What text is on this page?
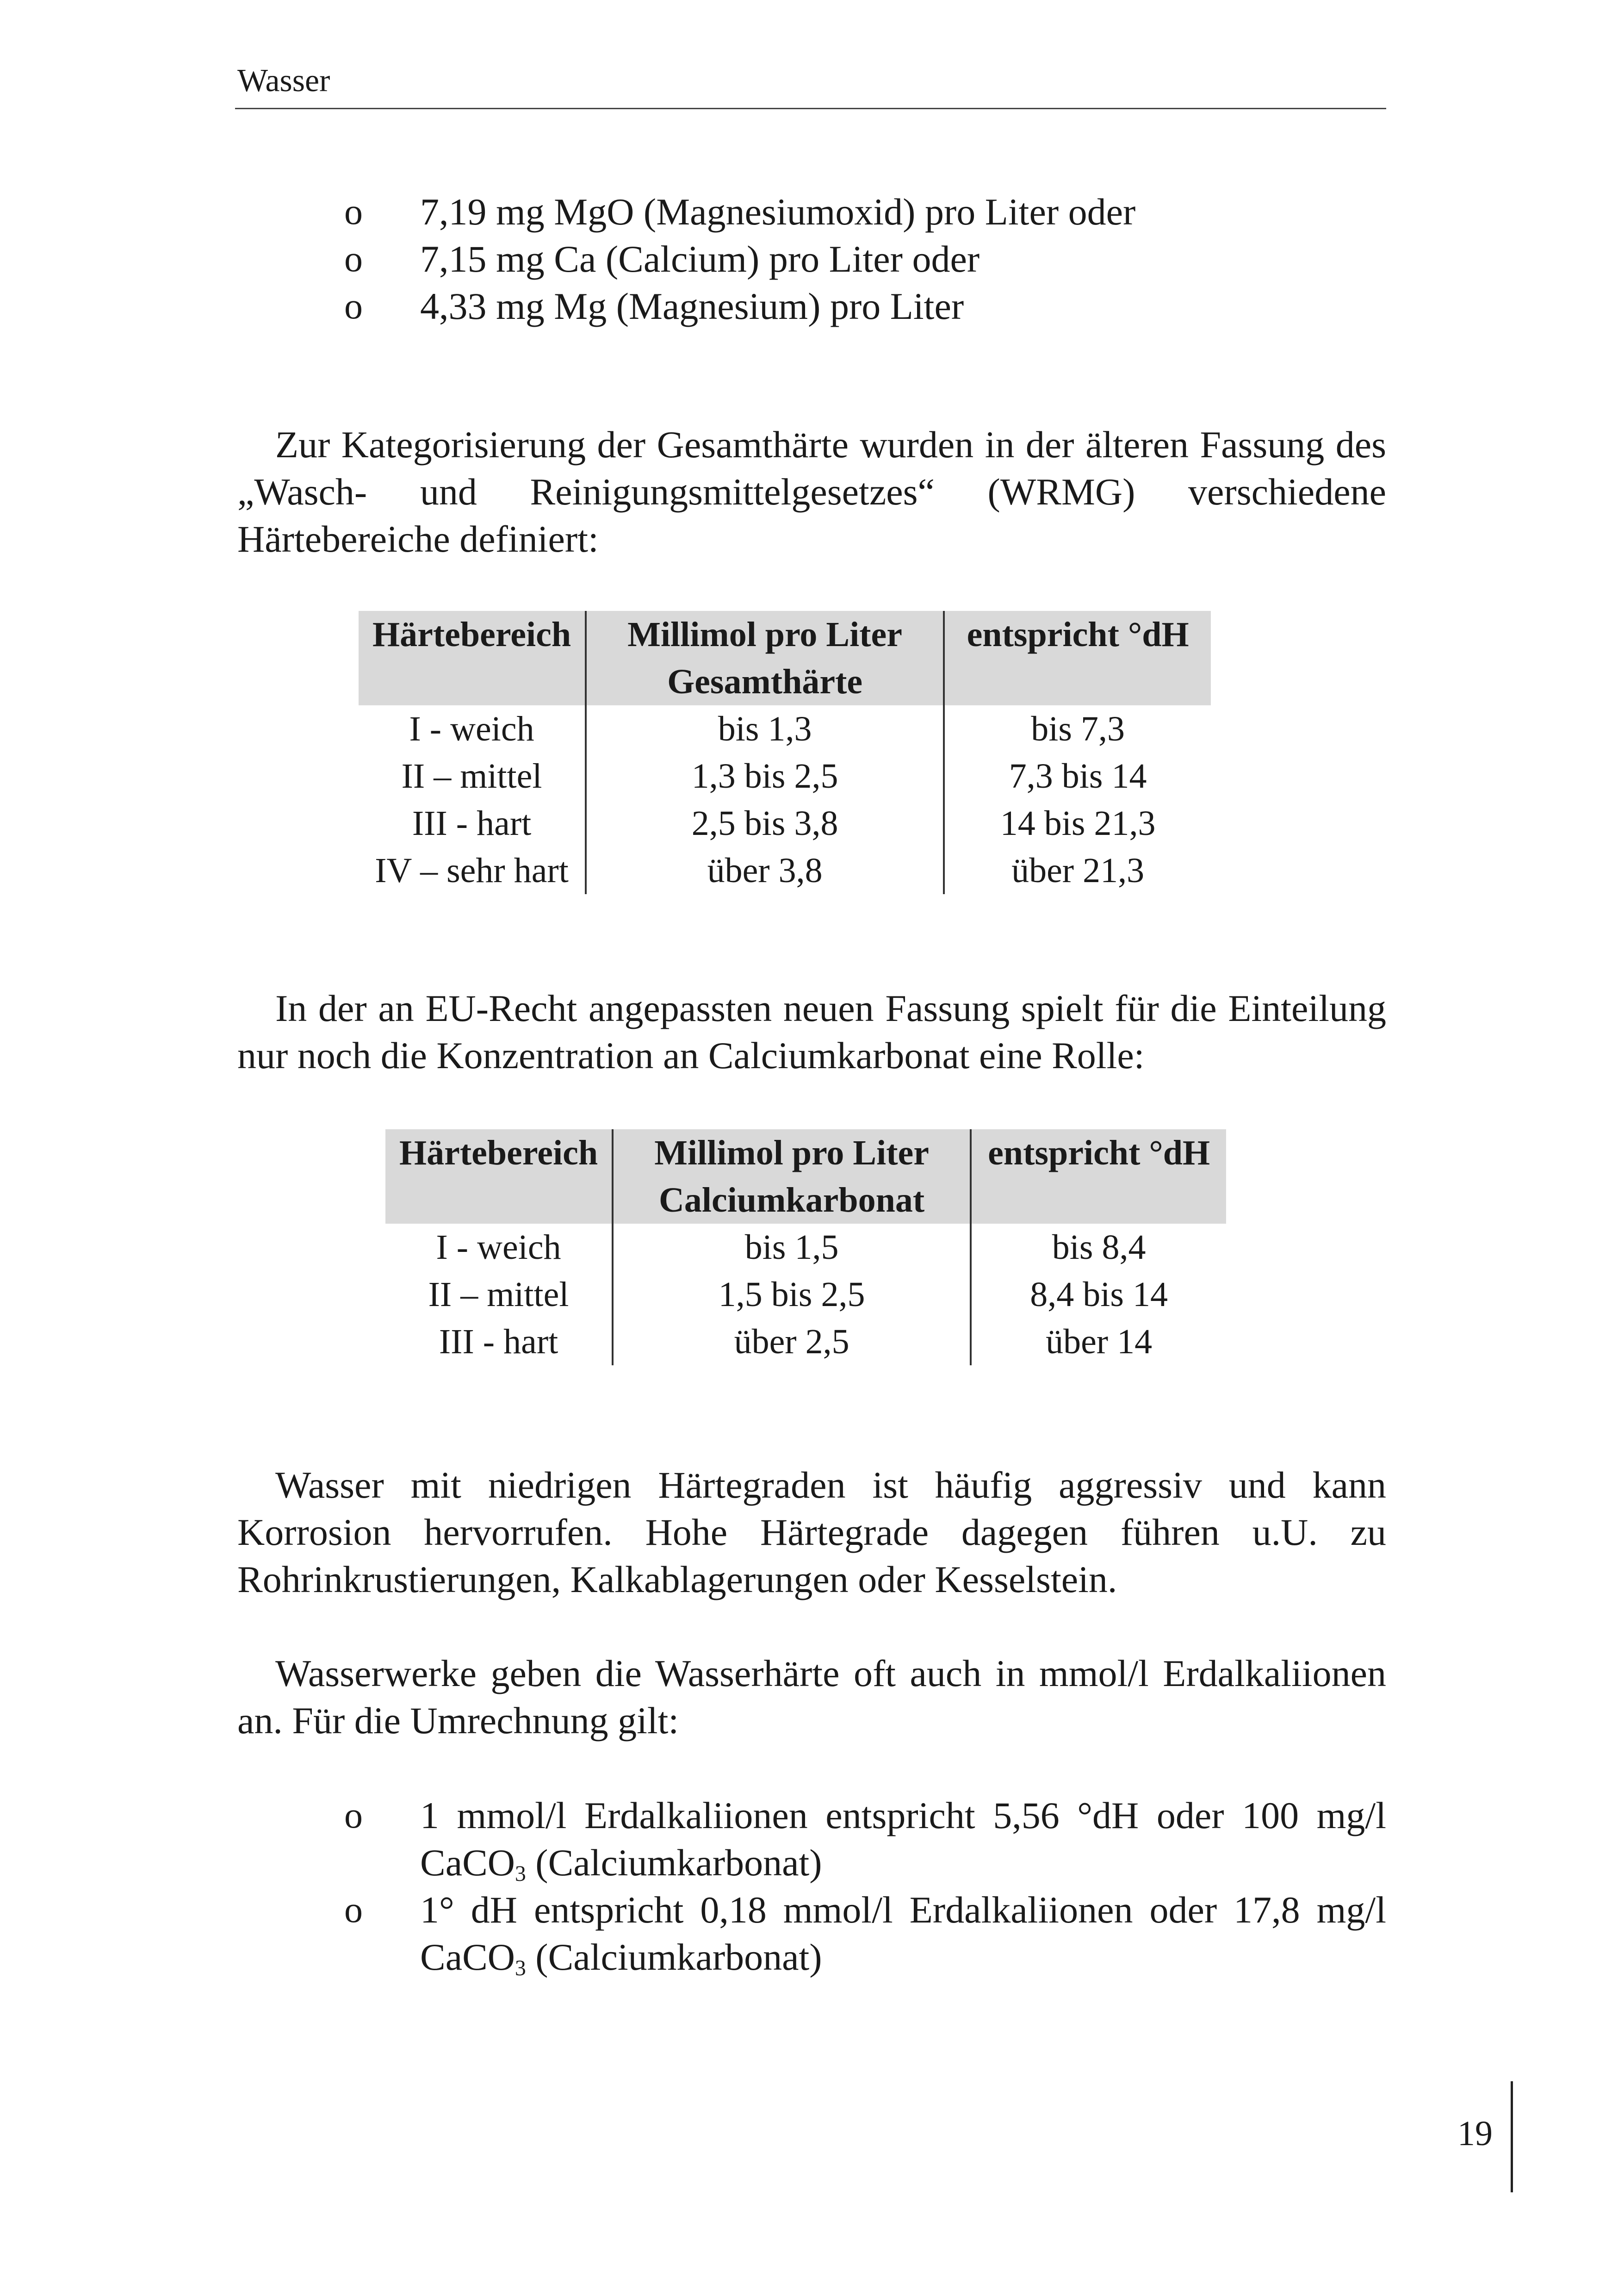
Wasser
o 7,19 mg MgO (Magnesiumoxid) pro Liter oder
o 7,15 mg Ca (Calcium) pro Liter oder
o 4,33 mg Mg (Magnesium) pro Liter

Zur Kategorisierung der Gesamthärte wurden in der älteren Fassung des „Wasch- und Reinigungsmittelgesetzes“ (WRMG) verschiedene Härtebereiche definiert:

Härtebereich	Millimol pro Liter Gesamthärte	entspricht °dH
I - weich	bis 1,3	bis 7,3
II – mittel	1,3 bis 2,5	7,3 bis 14
III - hart	2,5 bis 3,8	14 bis 21,3
IV – sehr hart	über 3,8	über 21,3

In der an EU-Recht angepassten neuen Fassung spielt für die Einteilung nur noch die Konzentration an Calciumkarbonat eine Rolle:

Härtebereich	Millimol pro Liter Calciumkarbonat	entspricht °dH
I - weich	bis 1,5	bis 8,4
II – mittel	1,5 bis 2,5	8,4 bis 14
III - hart	über 2,5	über 14

Wasser mit niedrigen Härtegraden ist häufig aggressiv und kann Korrosion hervorrufen. Hohe Härtegrade dagegen führen u.U. zu Rohrinkrustierungen, Kalkablagerungen oder Kesselstein.

Wasserwerke geben die Wasserhärte oft auch in mmol/l Erdalkaliionen an. Für die Umrechnung gilt:

o 1 mmol/l Erdalkaliionen entspricht 5,56 °dH oder 100 mg/l CaCO$_3$ (Calciumkarbonat)
o 1° dH entspricht 0,18 mmol/l Erdalkaliionen oder 17,8 mg/l CaCO$_3$ (Calciumkarbonat)
19
